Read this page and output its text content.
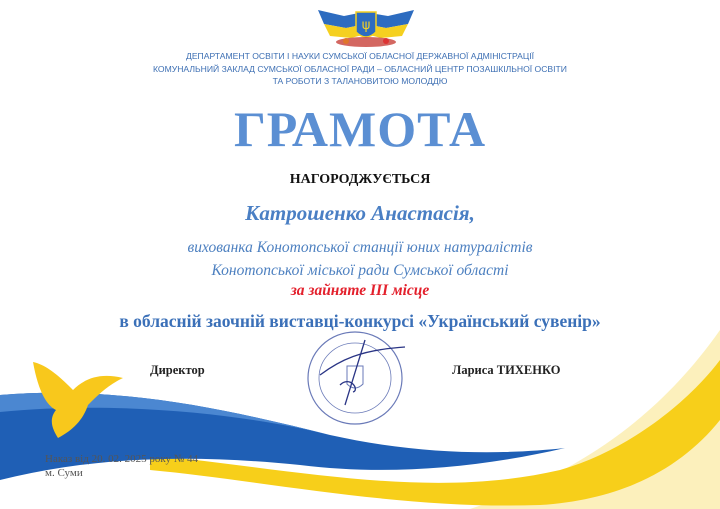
ψ
ДЕПАРТАМЕНТ ОСВІТИ І НАУКИ СУМСЬКОЇ ОБЛАСНОЇ ДЕРЖАВНОЇ АДМІНІСТРАЦІЇ
КОМУНАЛЬНИЙ ЗАКЛАД СУМСЬКОЇ ОБЛАСНОЇ РАДИ – ОБЛАСНИЙ ЦЕНТР ПОЗАШКІЛЬНОЇ ОСВІТИ
ТА РОБОТИ З ТАЛАНОВИТОЮ МОЛОДДЮ
ГРАМОТА
НАГОРОДЖУЄТЬСЯ
Катрошенко Анастасія,
вихованка Конотопської станції юних натуралістів
Конотопської міської ради Сумської області
за зайняте ІІІ місце
в обласній заочній виставці-конкурсі «Український сувенір»
Директор	Лариса ТИХЕНКО
Наказ від 20. 02. 2025 року № 44
м. Суми
